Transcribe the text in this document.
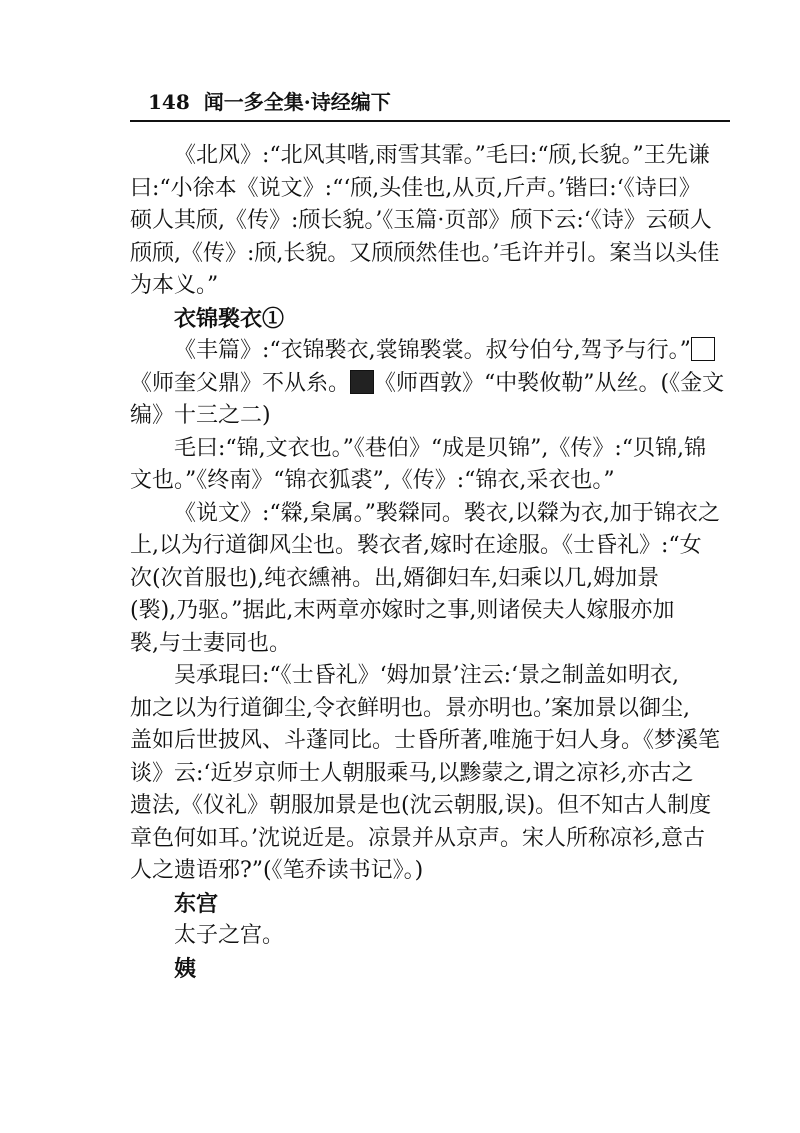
148 闻一多全集·诗经编下

《北风》:“北风其喈,雨雪其霏。”毛曰:“颀,长貌。”王先谦

曰:“小徐本《说文》:“‘颀,头佳也,从页,斤声。’锴曰:‘《诗曰》

硕人其颀,《传》:颀长貌。’《玉篇·页部》颀下云:‘《诗》云硕人

颀颀,《传》:颀,长貌。又颀颀然佳也。’毛许并引。案当以头佳

为本义。”

衣锦褧衣①

《丰篇》:“衣锦褧衣,裳锦褧裳。叔兮伯兮,驾予与行。”

《师奎父鼎》不从糸。 《师酉敦》“中褧攸勒”从丝。(《金文

编》十三之二)

毛曰:“锦,文衣也。”《巷伯》“成是贝锦”,《传》:“贝锦,锦

文也。”《终南》“锦衣狐裘”,《传》:“锦衣,采衣也。”

《说文》:“檾,枲属。”褧檾同。褧衣,以檾为衣,加于锦衣之

上,以为行道御风尘也。褧衣者,嫁时在途服。《士昏礼》:“女

次(次首服也),纯衣纁袡。出,婿御妇车,妇乘以几,姆加景

(褧),乃驱。”据此,末两章亦嫁时之事,则诸侯夫人嫁服亦加

褧,与士妻同也。

吴承琨曰:“《士昏礼》‘姆加景’注云:‘景之制盖如明衣,

加之以为行道御尘,令衣鲜明也。景亦明也。’案加景以御尘,

盖如后世披风、斗蓬同比。士昏所著,唯施于妇人身。《梦溪笔

谈》云:‘近岁京师士人朝服乘马,以黪蒙之,谓之凉衫,亦古之

遗法,《仪礼》朝服加景是也(沈云朝服,误)。但不知古人制度

章色何如耳。’沈说近是。凉景并从京声。宋人所称凉衫,意古

人之遗语邪?”(《笔乔读书记》。)

东宫

太子之宫。

姨
